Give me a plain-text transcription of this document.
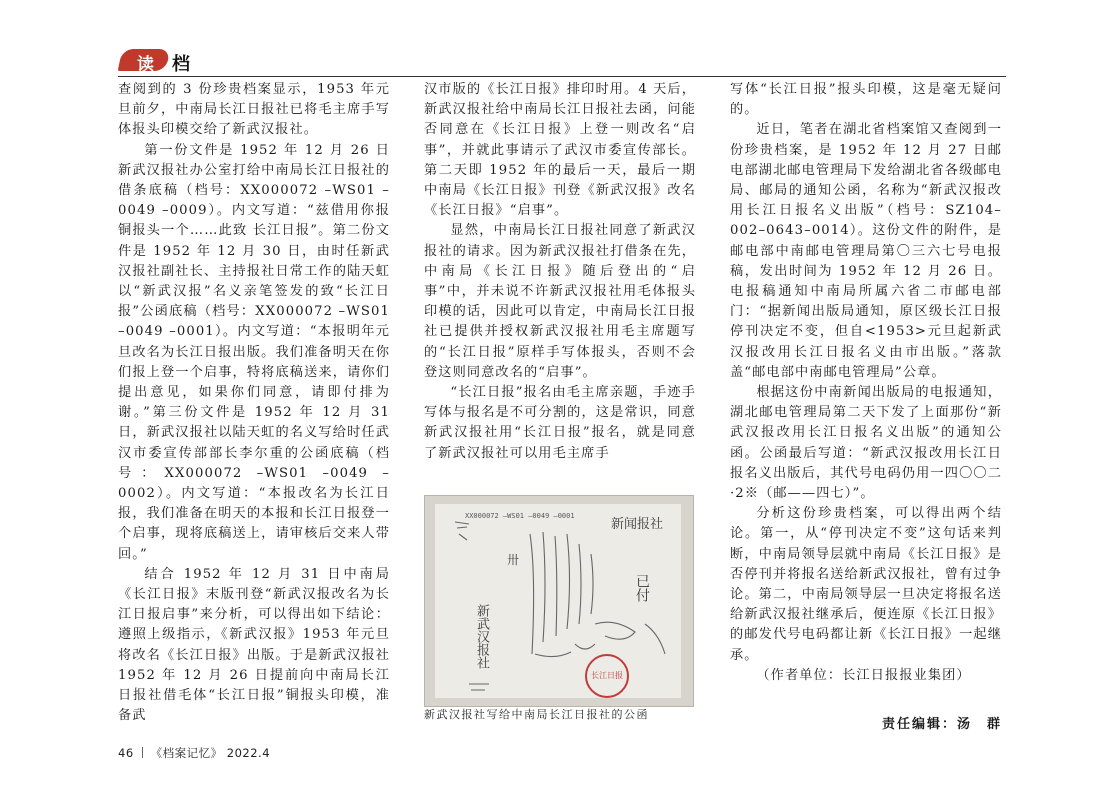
读	档

查阅到的 3 份珍贵档案显示，1953 年元旦前夕，中南局长江日报社已将毛主席手写体报头印模交给了新武汉报社。

第一份文件是 1952 年 12 月 26 日新武汉报社办公室打给中南局长江日报社的借条底稿（档号：XX000072 –WS01 –0049 –0009）。内文写道：“兹借用你报铜报头一个……此致 长江日报”。第二份文件是 1952 年 12 月 30 日，由时任新武汉报社副社长、主持报社日常工作的陆天虹以“新武汉报”名义亲笔签发的致“长江日报”公函底稿（档号：XX000072 –WS01 –0049 –0001）。内文写道：“本报明年元旦改名为长江日报出版。我们准备明天在你们报上登一个启事，特将底稿送来，请你们提出意见，如果你们同意，请即付排为谢。”第三份文件是 1952 年 12 月 31 日，新武汉报社以陆天虹的名义写给时任武汉市委宣传部部长李尔重的公函底稿（档号：XX000072 –WS01 –0049 –0002）。内文写道：“本报改名为长江日报，我们准备在明天的本报和长江日报登一个启事，现将底稿送上，请审核后交来人带回。”

结合 1952 年 12 月 31 日中南局《长江日报》末版刊登“新武汉报改名为长江日报启事”来分析，可以得出如下结论：遵照上级指示，《新武汉报》1953 年元旦将改名《长江日报》出版。于是新武汉报社 1952 年 12 月 26 日提前向中南局长江日报社借毛体“长江日报”铜报头印模，准备武

汉市版的《长江日报》排印时用。4 天后，新武汉报社给中南局长江日报社去函，问能否同意在《长江日报》上登一则改名“启事”，并就此事请示了武汉市委宣传部长。第二天即 1952 年的最后一天，最后一期中南局《长江日报》刊登《新武汉报》改名《长江日报》“启事”。

显然，中南局长江日报社同意了新武汉报社的请求。因为新武汉报社打借条在先，中南局《长江日报》随后登出的“启事”中，并未说不许新武汉报社用毛体报头印模的话，因此可以肯定，中南局长江日报社已提供并授权新武汉报社用毛主席题写的“长江日报”原样手写体报头，否则不会登这则同意改名的“启事”。

“长江日报”报名由毛主席亲题，手迹手写体与报名是不可分割的，这是常识，同意新武汉报社用“长江日报”报名，就是同意了新武汉报社可以用毛主席手

XX000072 –WS01 –0049 –0001
新闻报社
新武汉报社
卅
已付
长江日报
新武汉报社写给中南局长江日报社的公函

写体“长江日报”报头印模，这是毫无疑问的。

近日，笔者在湖北省档案馆又查阅到一份珍贵档案，是 1952 年 12 月 27 日邮电部湖北邮电管理局下发给湖北省各级邮电局、邮局的通知公函，名称为“新武汉报改用长江日报名义出版”（档号：SZ104–002–0643–0014）。这份文件的附件，是邮电部中南邮电管理局第〇三六七号电报稿，发出时间为 1952 年 12 月 26 日。电报稿通知中南局所属六省二市邮电部门：“据新闻出版局通知，原区级长江日报停刊决定不变，但自<1953>元旦起新武汉报改用长江日报名义由市出版。”落款盖“邮电部中南邮电管理局”公章。

根据这份中南新闻出版局的电报通知，湖北邮电管理局第二天下发了上面那份“新武汉报改用长江日报名义出版”的通知公函。公函最后写道：“新武汉报改用长江日报名义出版后，其代号电码仍用一四〇〇二·2※（邮——四七）”。

分析这份珍贵档案，可以得出两个结论。第一，从“停刊决定不变”这句话来判断，中南局领导层就中南局《长江日报》是否停刊并将报名送给新武汉报社，曾有过争论。第二，中南局领导层一旦决定将报名送给新武汉报社继承后，便连原《长江日报》的邮发代号电码都让新《长江日报》一起继承。

（作者单位：长江日报报业集团）

责任编辑：汤　群
46 《档案记忆》 2022.4
